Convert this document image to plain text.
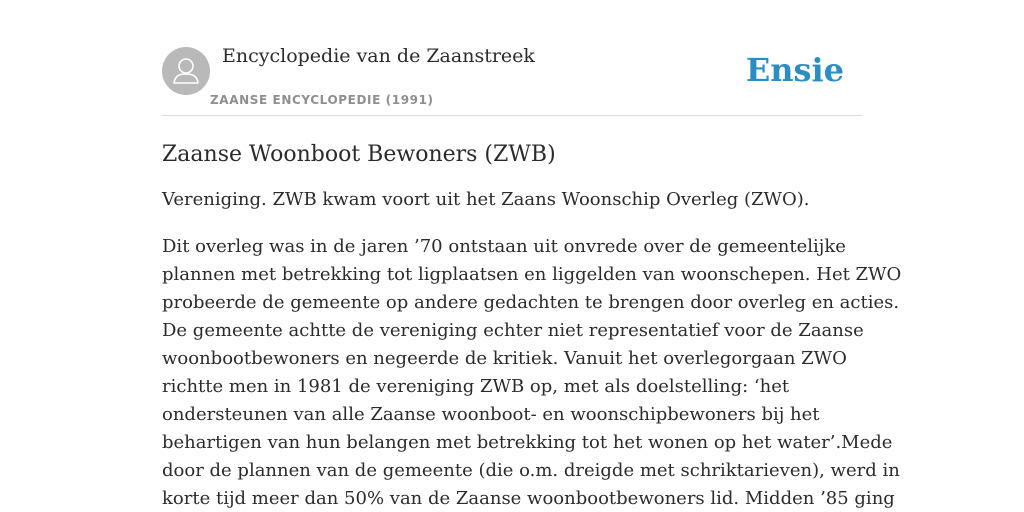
Encyclopedie van de Zaanstreek
ZAANSE ENCYCLOPEDIE (1991)
Ensie
Zaanse Woonboot Bewoners (ZWB)

Vereniging. ZWB kwam voort uit het Zaans Woonschip Overleg (ZWO).

Dit overleg was in de jaren ’70 ontstaan uit onvrede over de gemeentelijke
plannen met betrekking tot ligplaatsen en liggelden van woonschepen. Het ZWO
probeerde de gemeente op andere gedachten te brengen door overleg en acties.
De gemeente achtte de vereniging echter niet representatief voor de Zaanse
woonbootbewoners en negeerde de kritiek. Vanuit het overlegorgaan ZWO
richtte men in 1981 de vereniging ZWB op, met als doelstelling: ‘het
ondersteunen van alle Zaanse woonboot- en woonschipbewoners bij het
behartigen van hun belangen met betrekking tot het wonen op het water’.Mede
door de plannen van de gemeente (die o.m. dreigde met schriktarieven), werd in
korte tijd meer dan 50% van de Zaanse woonbootbewoners lid. Midden ’85 ging
